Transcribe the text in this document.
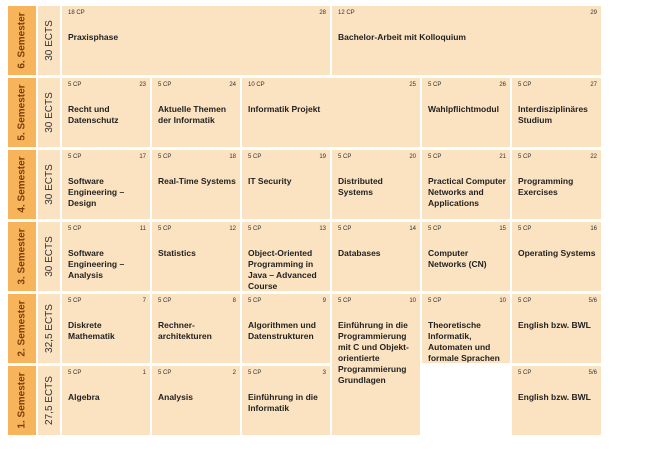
6. Semester 30 ECTS
18 CP	28
Praxisphase
12 CP	29
Bachelor-Arbeit mit Kolloquium
5. Semester 30 ECTS
5 CP	23
Recht und Datenschutz
5 CP	24
Aktuelle Themen der Informatik
10 CP	25
Informatik Projekt
5 CP	26
Wahlpflichtmodul
5 CP	27
Interdisziplinäres Studium
4. Semester 30 ECTS
5 CP	17
Software Engineering – Design
5 CP	18
Real-Time Systems
5 CP	19
IT Security
5 CP	20
Distributed Systems
5 CP	21
Practical Computer Networks and Applications
5 CP	22
Programming Exercises
3. Semester 30 ECTS
5 CP	11
Software Engineering – Analysis
5 CP	12
Statistics
5 CP	13
Object-Oriented Programming in Java – Advanced Course
5 CP	14
Databases
5 CP	15
Computer Networks (CN)
5 CP	16
Operating Systems
2. Semester 32,5 ECTS
5 CP	7
Diskrete Mathematik
5 CP	8
Rechner-architekturen
5 CP	9
Algorithmen und Datenstrukturen
5 CP	10
Einführung in die Programmierung mit C und Objekt-orientierte Programmierung Grundlagen
5 CP	10
Theoretische Informatik, Automaten und formale Sprachen
5 CP	5/6
English bzw. BWL
1. Semester 27,5 ECTS
5 CP	1
Algebra
5 CP	2
Analysis
5 CP	3
Einführung in die Informatik
5 CP	5/6
English bzw. BWL
